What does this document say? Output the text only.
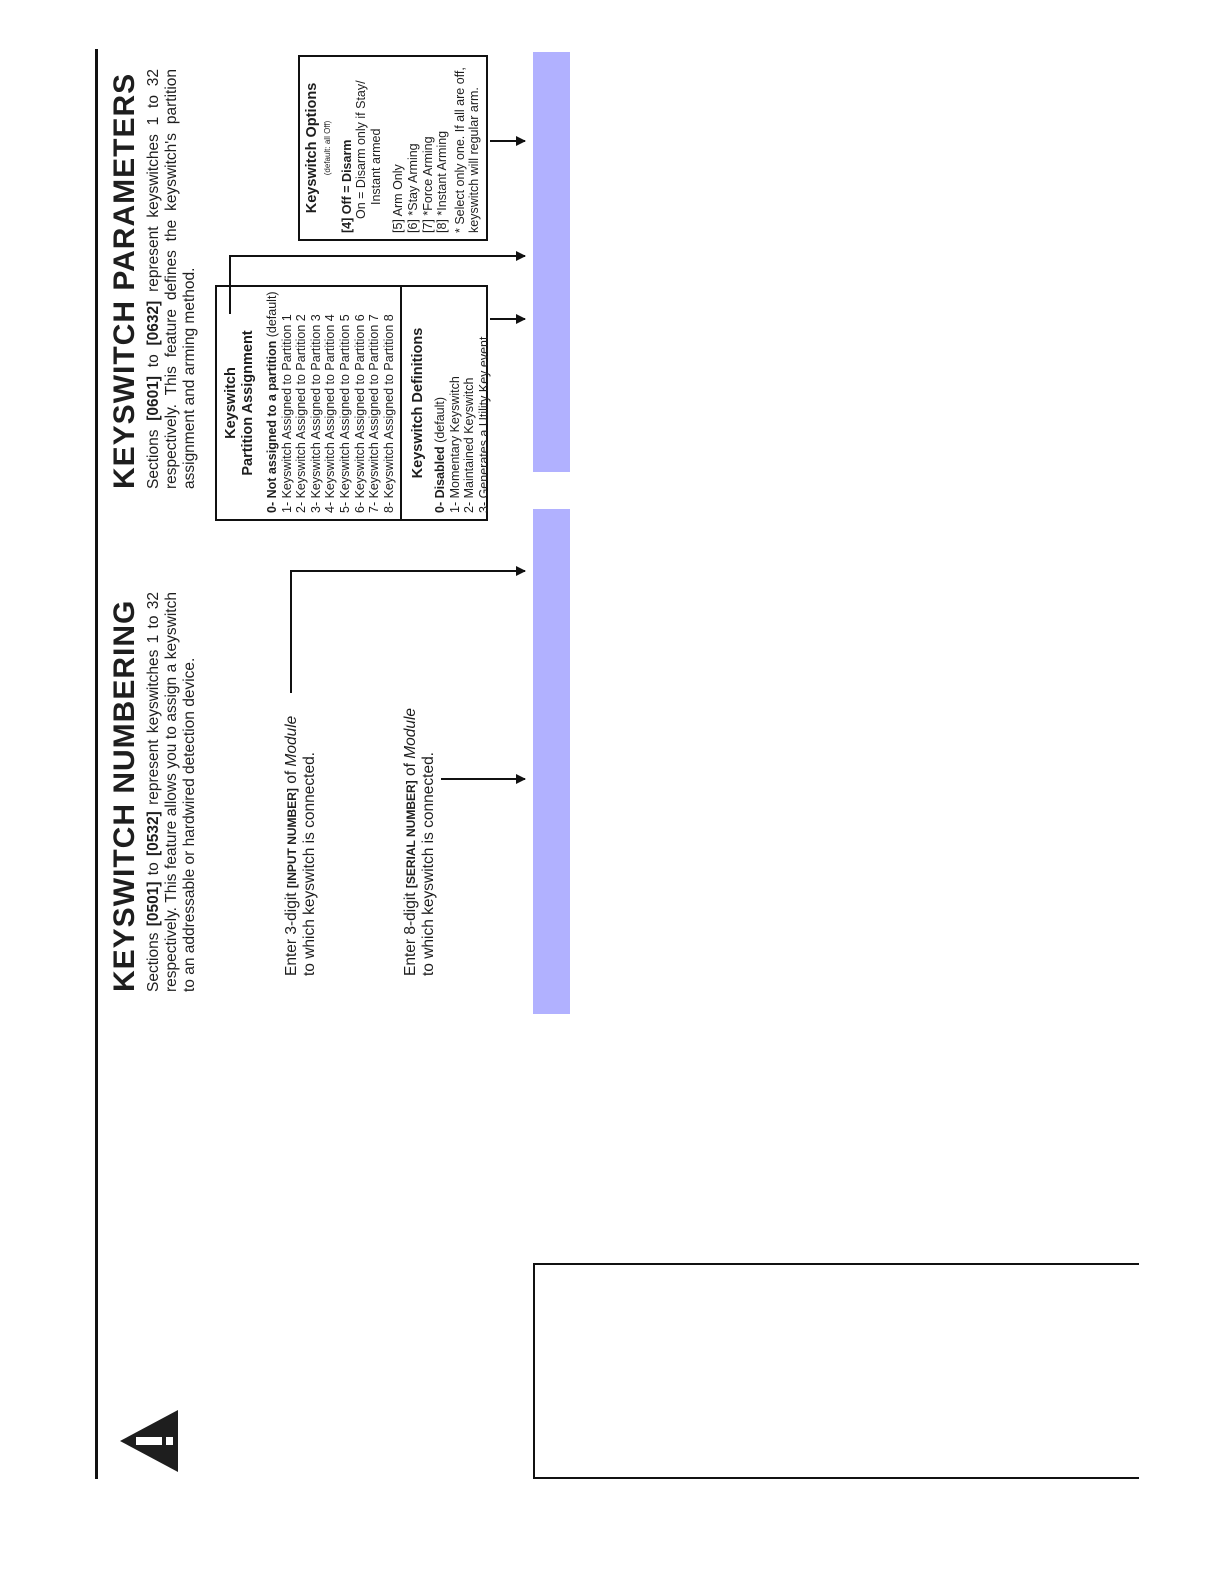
KEYSWITCH NUMBERING Sections [0501] to [0532] represent keyswitches 1 to 32 respectively. This feature allows you to assign a keyswitch to an addressable or hardwired detection device.	Enter 3-digit [INPUT NUMBER] of Module
to which keyswitch is connected.	Enter 8-digit [SERIAL NUMBER] of Module
to which keyswitch is connected.
KEYSWITCH PARAMETERS Sections [0601] to [0632] represent keyswitches 1 to 32 respectively. This feature defines the keyswitch's partition assignment and arming method. Keyswitch Partition Assignment 0- Not assigned to a partition (default) 1- Keyswitch Assigned to Partition 1 2- Keyswitch Assigned to Partition 2 3- Keyswitch Assigned to Partition 3 4- Keyswitch Assigned to Partition 4 5- Keyswitch Assigned to Partition 5 6- Keyswitch Assigned to Partition 6 7- Keyswitch Assigned to Partition 7 8- Keyswitch Assigned to Partition 8 Keyswitch Definitions
0- Disabled (default) 1- Momentary Keyswitch 2- Maintained Keyswitch 3- Generates a Utility Key event
Keyswitch Options (default: all Off) [4] Off = Disarm On = Disarm only if Stay/ Instant armed [5] Arm Only [6] *Stay Arming [7] *Force Arming [8] *Instant Arming * Select only one. If all are off, keyswitch will regular arm.
